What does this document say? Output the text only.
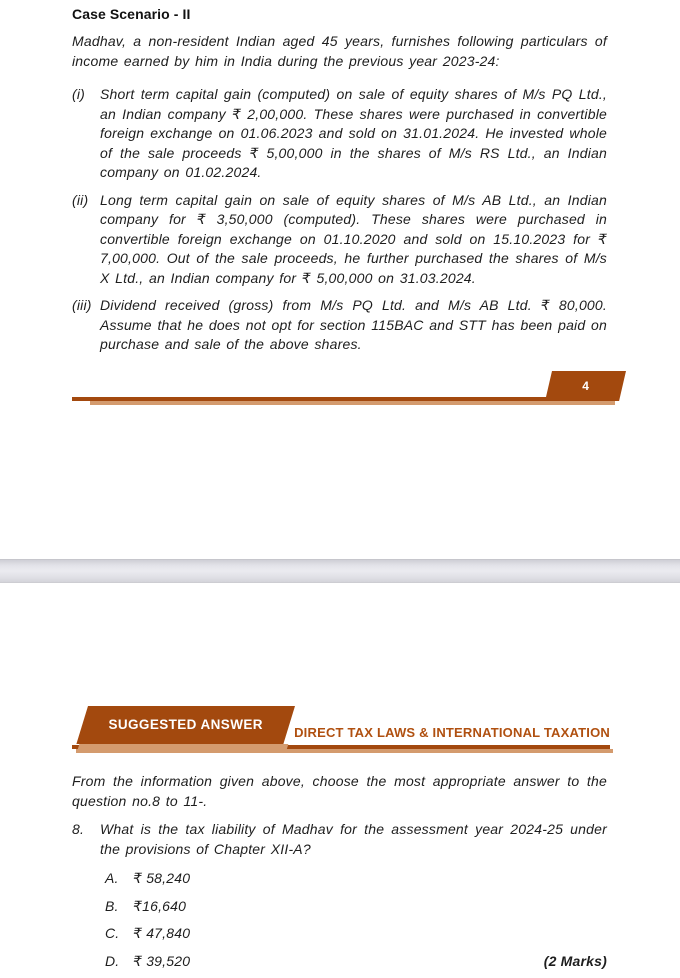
Case Scenario - II

Madhav, a non-resident Indian aged 45 years, furnishes following particulars of income earned by him in India during the previous year 2023-24:

(i)	Short term capital gain (computed) on sale of equity shares of M/s PQ Ltd., an Indian company ₹ 2,00,000. These shares were purchased in convertible foreign exchange on 01.06.2023 and sold on 31.01.2024. He invested whole of the sale proceeds ₹ 5,00,000 in the shares of M/s RS Ltd., an Indian company on 01.02.2024.
(ii) Long term capital gain on sale of equity shares of M/s AB Ltd., an Indian company for ₹ 3,50,000 (computed). These shares were purchased in convertible foreign exchange on 01.10.2020 and sold on 15.10.2023 for ₹ 7,00,000. Out of the sale proceeds, he further purchased the shares of M/s X Ltd., an Indian company for ₹ 5,00,000 on 31.03.2024.
(iii) Dividend received (gross) from M/s PQ Ltd. and M/s AB Ltd. ₹ 80,000. Assume that he does not opt for section 115BAC and STT has been paid on purchase and sale of the above shares.
4
SUGGESTED ANSWER
DIRECT TAX LAWS & INTERNATIONAL TAXATION

From the information given above, choose the most appropriate answer to the question no.8 to 11-.

8.	What is the tax liability of Madhav for the assessment year 2024-25 under the provisions of Chapter XII-A?
A.	₹ 58,240
B.	₹16,640
C. ₹ 47,840
D. ₹ 39,520	(2 Marks)
